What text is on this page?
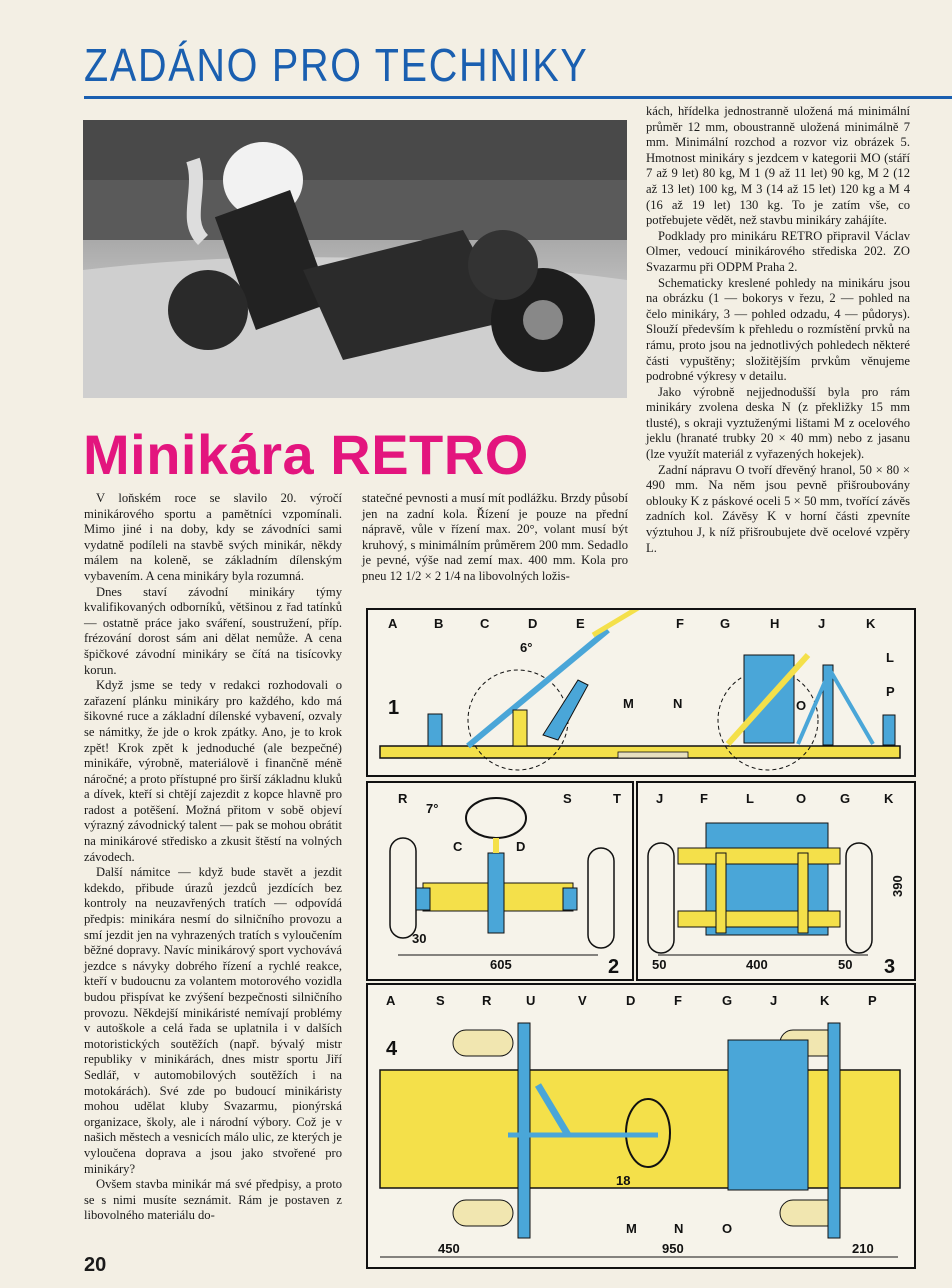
ZADÁNO PRO TECHNIKY
Minikára RETRO

V loňském roce se slavilo 20. výročí minikárového sportu a pamětníci vzpomínali. Mimo jiné i na doby, kdy se závodníci sami vydatně podíleli na stavbě svých minikár, někdy málem na koleně, se základním dílenským vybavením. A cena minikáry byla rozumná.

Dnes staví závodní minikáry týmy kvalifikovaných odborníků, většinou z řad tatínků — ostatně práce jako sváření, soustružení, příp. frézování dorost sám ani dělat nemůže. A cena špičkové závodní minikáry se čítá na tisícovky korun.

Když jsme se tedy v redakci rozhodovali o zařazení plánku minikáry pro každého, kdo má šikovné ruce a základní dílenské vybavení, ozvaly se námitky, že jde o krok zpátky. Ano, je to krok zpět! Krok zpět k jednoduché (ale bezpečné) minikáře, výrobně, materiálově i finančně méně náročné; a proto přístupné pro širší základnu kluků a dívek, kteří si chtějí zajezdit z kopce hlavně pro radost a potěšení. Možná přitom v sobě objeví výrazný závodnický talent — pak se mohou obrátit na minikárové středisko a zkusit štěstí na volných závodech.

Další námitce — když bude stavět a jezdit kdekdo, přibude úrazů jezdců jezdících bez kontroly na neuzavřených tratích — odpovídá předpis: minikára nesmí do silničního provozu a smí jezdit jen na vyhrazených tratích s vyloučením běžné dopravy. Navíc minikárový sport vychovává jezdce s návyky dobrého řízení a rychlé reakce, kteří v budoucnu za volantem motorového vozidla budou přispívat ke zvýšení bezpečnosti silničního provozu. Někdejší minikáristé nemívají problémy v autoškole a celá řada se uplatnila i v dalších motoristických soutěžích (např. bývalý mistr republiky v minikárách, dnes mistr sportu Jiří Sedlář, v automobilových soutěžích i na motokárách). Své zde po budoucí minikáristy mohou udělat kluby Svazarmu, pionýrská organizace, školy, ale i národní výbory. Což je v našich městech a vesnicích málo ulic, ze kterých je vyloučena doprava a jsou jako stvořené pro minikáry?

Ovšem stavba minikár má své předpisy, a proto se s nimi musíte seznámit. Rám je postaven z libovolného materiálu do-

statečné pevnosti a musí mít podlážku. Brzdy působí jen na zadní kola. Řízení je pouze na přední nápravě, vůle v řízení max. 20°, volant musí být kruhový, s minimálním průměrem 200 mm. Sedadlo je pevné, výše nad zemí max. 400 mm. Kola pro pneu 12 1/2 × 2 1/4 na libovolných ložis-

kách, hřídelka jednostranně uložená má minimální průměr 12 mm, oboustranně uložená minimálně 7 mm. Minimální rozchod a rozvor viz obrázek 5. Hmotnost minikáry s jezdcem v kategorii MO (stáří 7 až 9 let) 80 kg, M 1 (9 až 11 let) 90 kg, M 2 (12 až 13 let) 100 kg, M 3 (14 až 15 let) 120 kg a M 4 (16 až 19 let) 130 kg. To je zatím vše, co potřebujete vědět, než stavbu minikáry zahájíte.

Podklady pro minikáru RETRO připravil Václav Olmer, vedoucí minikárového střediska 202. ZO Svazarmu při ODPM Praha 2.

Schematicky kreslené pohledy na minikáru jsou na obrázku (1 — bokorys v řezu, 2 — pohled na čelo minikáry, 3 — pohled odzadu, 4 — půdorys). Slouží především k přehledu o rozmístění prvků na rámu, proto jsou na jednotlivých pohledech některé části vypuštěny; složitějším prvkům věnujeme podrobné výkresy v detailu.

Jako výrobně nejjednodušší byla pro rám minikáry zvolena deska N (z překližky 15 mm tlusté), s okraji vyztuženými lištami M z ocelového jeklu (hranaté trubky 20 × 40 mm) nebo z jasanu (lze využít materiál z vyřazených hokejek).

Zadní nápravu O tvoří dřevěný hranol, 50 × 80 × 490 mm. Na něm jsou pevně přišroubovány oblouky K z páskové oceli 5 × 50 mm, tvořící závěs zadních kol. Závěsy K v horní části zpevníte výztuhou J, k níž přišroubujete dvě ocelové vzpěry L.

20
1
A	B	C	D	E	F	G	H	J	K
L
M	N	O
P
6°
R	S	T
C	D
7°
605
30
2
J	F	L	O	G	K
50	400	50
390
3
4
A	S	R	U	V	D	F	G	J	K	P
M	N	O
450	950	210
18
